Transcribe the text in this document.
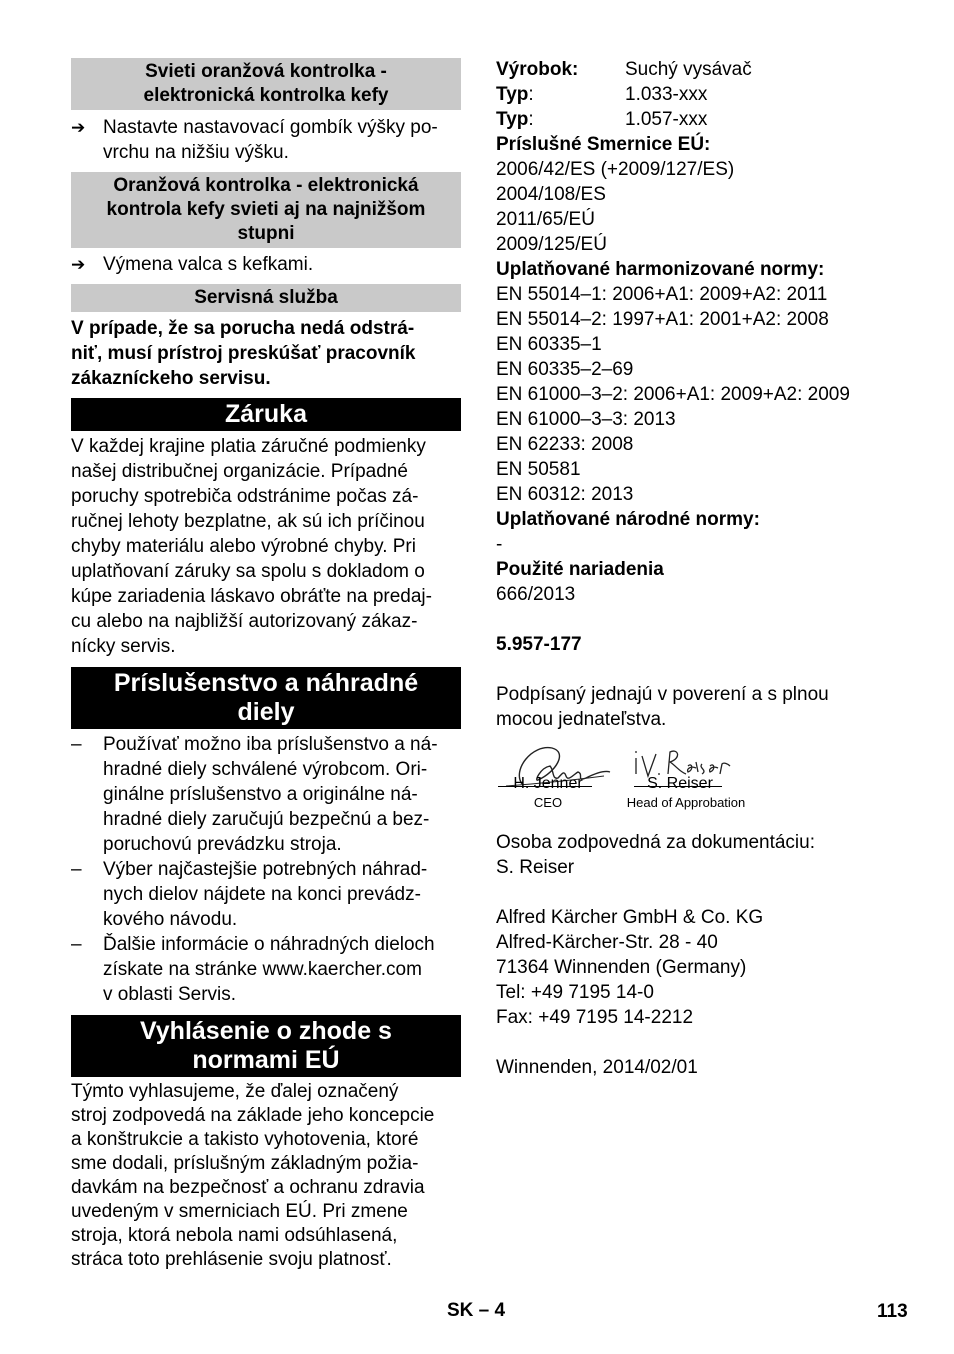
Svieti oranžová kontrolka -
elektronická kontrolka kefy
➔ Nastavte nastavovací gombík výšky po-
vrchu na nižšiu výšku.
Oranžová kontrolka - elektronická
kontrola kefy svieti aj na najnižšom
stupni
➔ Výmena valca s kefkami.
Servisná služba
V prípade, že sa porucha nedá odstrá-
niť, musí prístroj preskúšať pracovník
zákazníckeho servisu.
Záruka
V každej krajine platia záručné podmienky
našej distribučnej organizácie. Prípadné
poruchy spotrebiča odstránime počas zá-
ručnej lehoty bezplatne, ak sú ich príčinou
chyby materiálu alebo výrobné chyby. Pri
uplatňovaní záruky sa spolu s dokladom o
kúpe zariadenia láskavo obráťte na predaj-
cu alebo na najbližší autorizovaný zákaz-
nícky servis.
Príslušenstvo a náhradné
diely
–	Používať možno iba príslušenstvo a ná-
hradné diely schválené výrobcom. Ori-
ginálne príslušenstvo a originálne ná-
hradné diely zaručujú bezpečnú a bez-
poruchovú prevádzku stroja.
–	Výber najčastejšie potrebných náhrad-
nych dielov nájdete na konci prevádz-
kového návodu.
–	Ďalšie informácie o náhradných dieloch
získate na stránke www.kaercher.com
v oblasti Servis.
Vyhlásenie o zhode s
normami EÚ
Týmto vyhlasujeme, že ďalej označený
stroj zodpovedá na základe jeho koncepcie
a konštrukcie a takisto vyhotovenia, ktoré
sme dodali, príslušným základným požia-
davkám na bezpečnosť a ochranu zdravia
uvedeným v smerniciach EÚ. Pri zmene
stroja, ktorá nebola nami odsúhlasená,
stráca toto prehlásenie svoju platnosť.
Výrobok:	Suchý vysávač
Typ:	1.033-xxx
Typ:	1.057-xxx
Príslušné Smernice EÚ:
2006/42/ES (+2009/127/ES)
2004/108/ES
2011/65/EÚ
2009/125/EÚ
Uplatňované harmonizované normy:
EN 55014–1: 2006+A1: 2009+A2: 2011
EN 55014–2: 1997+A1: 2001+A2: 2008
EN 60335–1
EN 60335–2–69
EN 61000–3–2: 2006+A1: 2009+A2: 2009
EN 61000–3–3: 2013
EN 62233: 2008
EN 50581
EN 60312: 2013
Uplatňované národné normy:
-
Použité nariadenia
666/2013
5.957-177
Podpísaný jednajú v poverení a s plnou
mocou jednateľstva.
H. Jenner
CEO
S. Reiser
Head of Approbation
Osoba zodpovedná za dokumentáciu:
S. Reiser
Alfred Kärcher GmbH & Co. KG
Alfred-Kärcher-Str. 28 - 40
71364 Winnenden (Germany)
Tel: +49 7195 14-0
Fax: +49 7195 14-2212
Winnenden, 2014/02/01
SK – 4	113
